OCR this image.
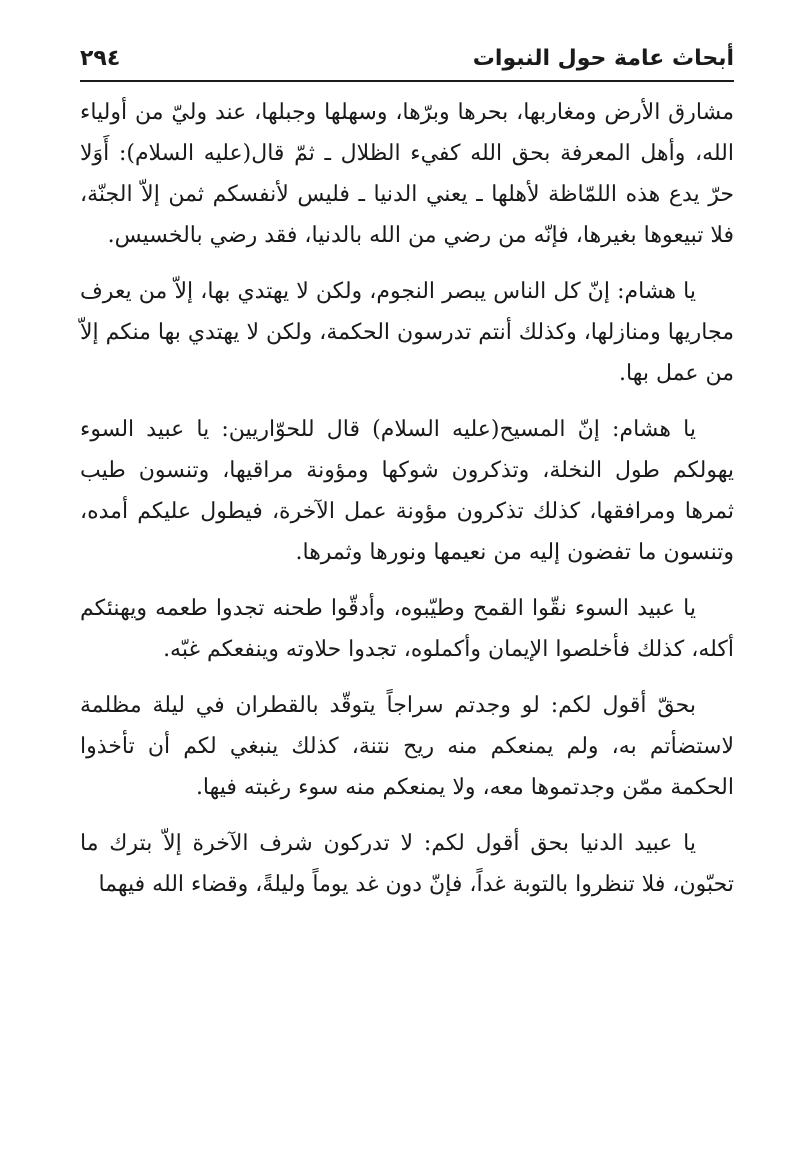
أبحاث عامة حول النبوات
٢٩٤

مشارق الأرض ومغاربها، بحرها وبرّها، وسهلها وجبلها، عند وليّ من أولياء الله، وأهل المعرفة بحق الله كفيء الظلال ـ ثمّ قال(عليه السلام): أَوَلا حرّ يدع هذه اللمّاظة لأهلها ـ يعني الدنيا ـ فليس لأنفسكم ثمن إلاّ الجنّة، فلا تبيعوها بغيرها، فإنّه من رضي من الله بالدنيا، فقد رضي بالخسيس.

يا هشام: إنّ كل الناس يبصر النجوم، ولكن لا يهتدي بها، إلاّ من يعرف مجاريها ومنازلها، وكذلك أنتم تدرسون الحكمة، ولكن لا يهتدي بها منكم إلاّ من عمل بها.

يا هشام: إنّ المسيح(عليه السلام) قال للحوّاريين: يا عبيد السوء يهولكم طول النخلة، وتذكرون شوكها ومؤونة مراقيها، وتنسون طيب ثمرها ومرافقها، كذلك تذكرون مؤونة عمل الآخرة، فيطول عليكم أمده، وتنسون ما تفضون إليه من نعيمها ونورها وثمرها.

يا عبيد السوء نقّوا القمح وطيّبوه، وأدقّوا طحنه تجدوا طعمه ويهنئكم أكله، كذلك فأخلصوا الإيمان وأكملوه، تجدوا حلاوته وينفعكم غبّه.

بحقّ أقول لكم: لو وجدتم سراجاً يتوقّد بالقطران في ليلة مظلمة لاستضأتم به، ولم يمنعكم منه ريح نتنة، كذلك ينبغي لكم أن تأخذوا الحكمة ممّن وجدتموها معه، ولا يمنعكم منه سوء رغبته فيها.

يا عبيد الدنيا بحق أقول لكم: لا تدركون شرف الآخرة إلاّ بترك ما تحبّون، فلا تنظروا بالتوبة غداً، فإنّ دون غد يوماً وليلةً، وقضاء الله فيهما
